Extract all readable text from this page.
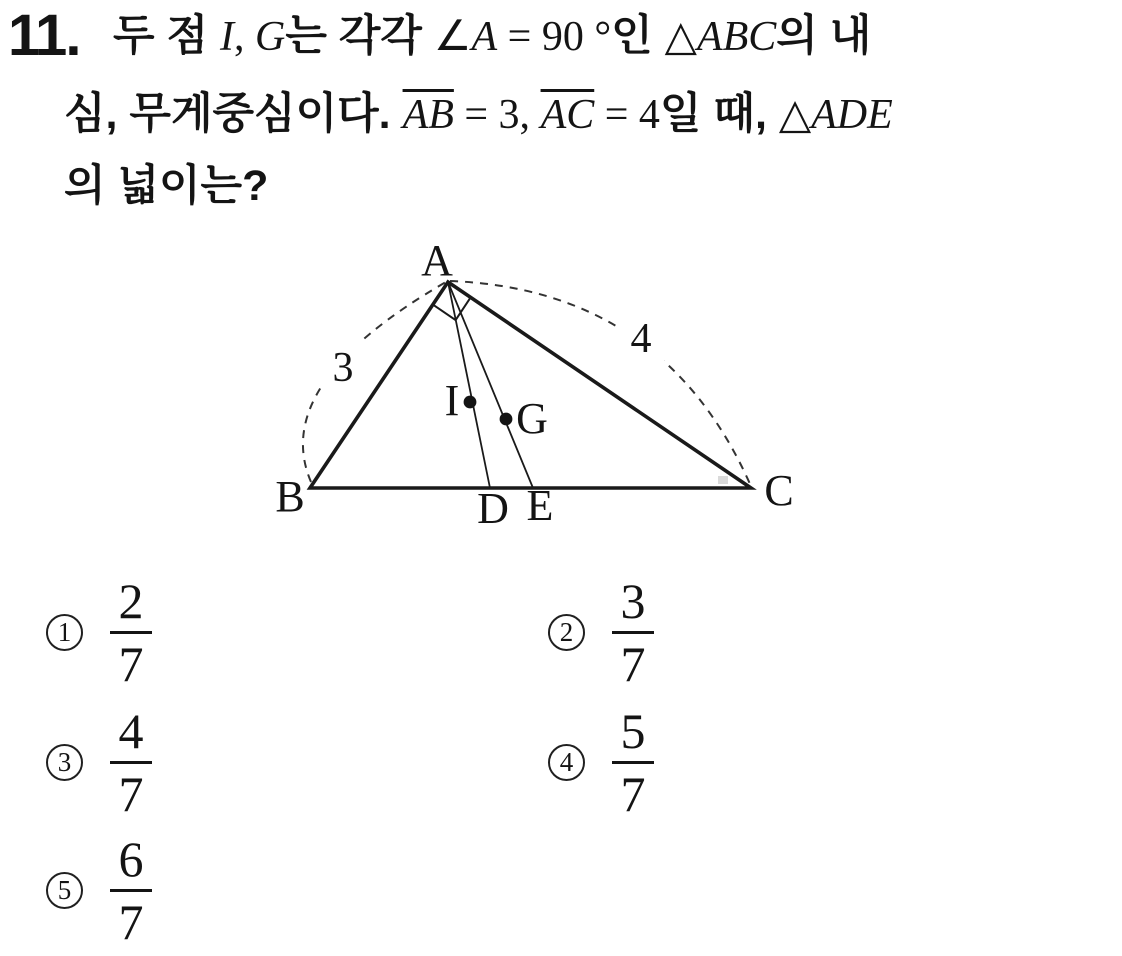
11. 두 점 I, G는 각각 ∠A = 90 °인 △ABC의 내
심, 무게중심이다. $\overline{AB} = 3$, $\overline{AC} = 4$일 때, △ADE
의 넓이는?
A
B	C
D E
I G
3
4
$1 \frac{2}{7}$	$2 \frac{3}{7}$
$3 \frac{4}{7}$	$4 \frac{5}{7}$
$5 \frac{6}{7}$
